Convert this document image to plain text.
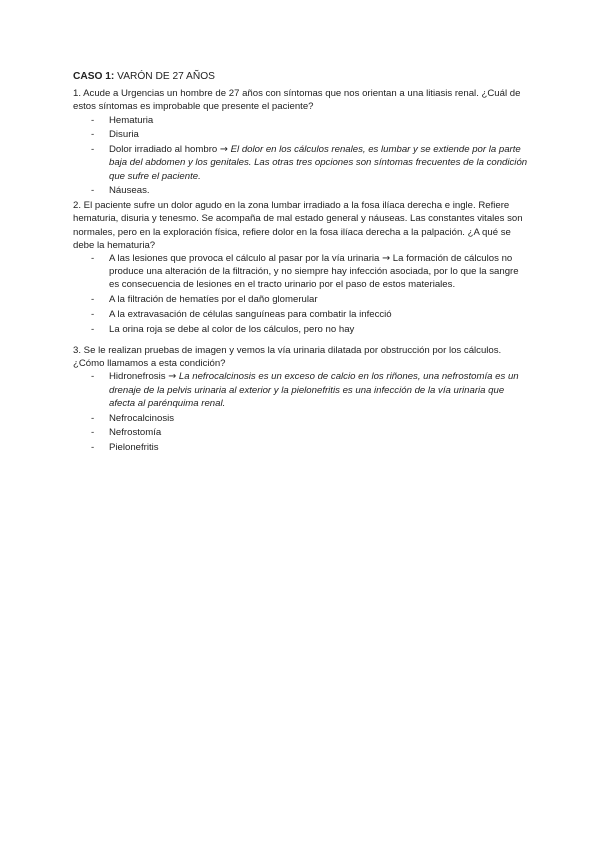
CASO 1: VARÓN DE 27 AÑOS

1. Acude a Urgencias un hombre de 27 años con síntomas que nos orientan a una litiasis renal. ¿Cuál de estos síntomas es improbable que presente el paciente?

- Hematuria
- Disuria
- Dolor irradiado al hombro → El dolor en los cálculos renales, es lumbar y se extiende por la parte baja del abdomen y los genitales. Las otras tres opciones son síntomas frecuentes de la condición que sufre el paciente.
- Náuseas.

2. El paciente sufre un dolor agudo en la zona lumbar irradiado a la fosa ilíaca derecha e ingle. Refiere hematuria, disuria y tenesmo. Se acompaña de mal estado general y náuseas. Las constantes vitales son normales, pero en la exploración física, refiere dolor en la fosa ilíaca derecha a la palpación. ¿A qué se debe la hematuria?

- A las lesiones que provoca el cálculo al pasar por la vía urinaria → La formación de cálculos no produce una alteración de la filtración, y no siempre hay infección asociada, por lo que la sangre es consecuencia de lesiones en el tracto urinario por el paso de estos materiales.
- A la filtración de hematíes por el daño glomerular
- A la extravasación de células sanguíneas para combatir la infecció
- La orina roja se debe al color de los cálculos, pero no hay

3. Se le realizan pruebas de imagen y vemos la vía urinaria dilatada por obstrucción por los cálculos. ¿Cómo llamamos a esta condición?

- Hidronefrosis → La nefrocalcinosis es un exceso de calcio en los riñones, una nefrostomía es un drenaje de la pelvis urinaria al exterior y la pielonefritis es una infección de la vía urinaria que afecta al parénquima renal.
- Nefrocalcinosis
- Nefrostomía
- Pielonefritis
